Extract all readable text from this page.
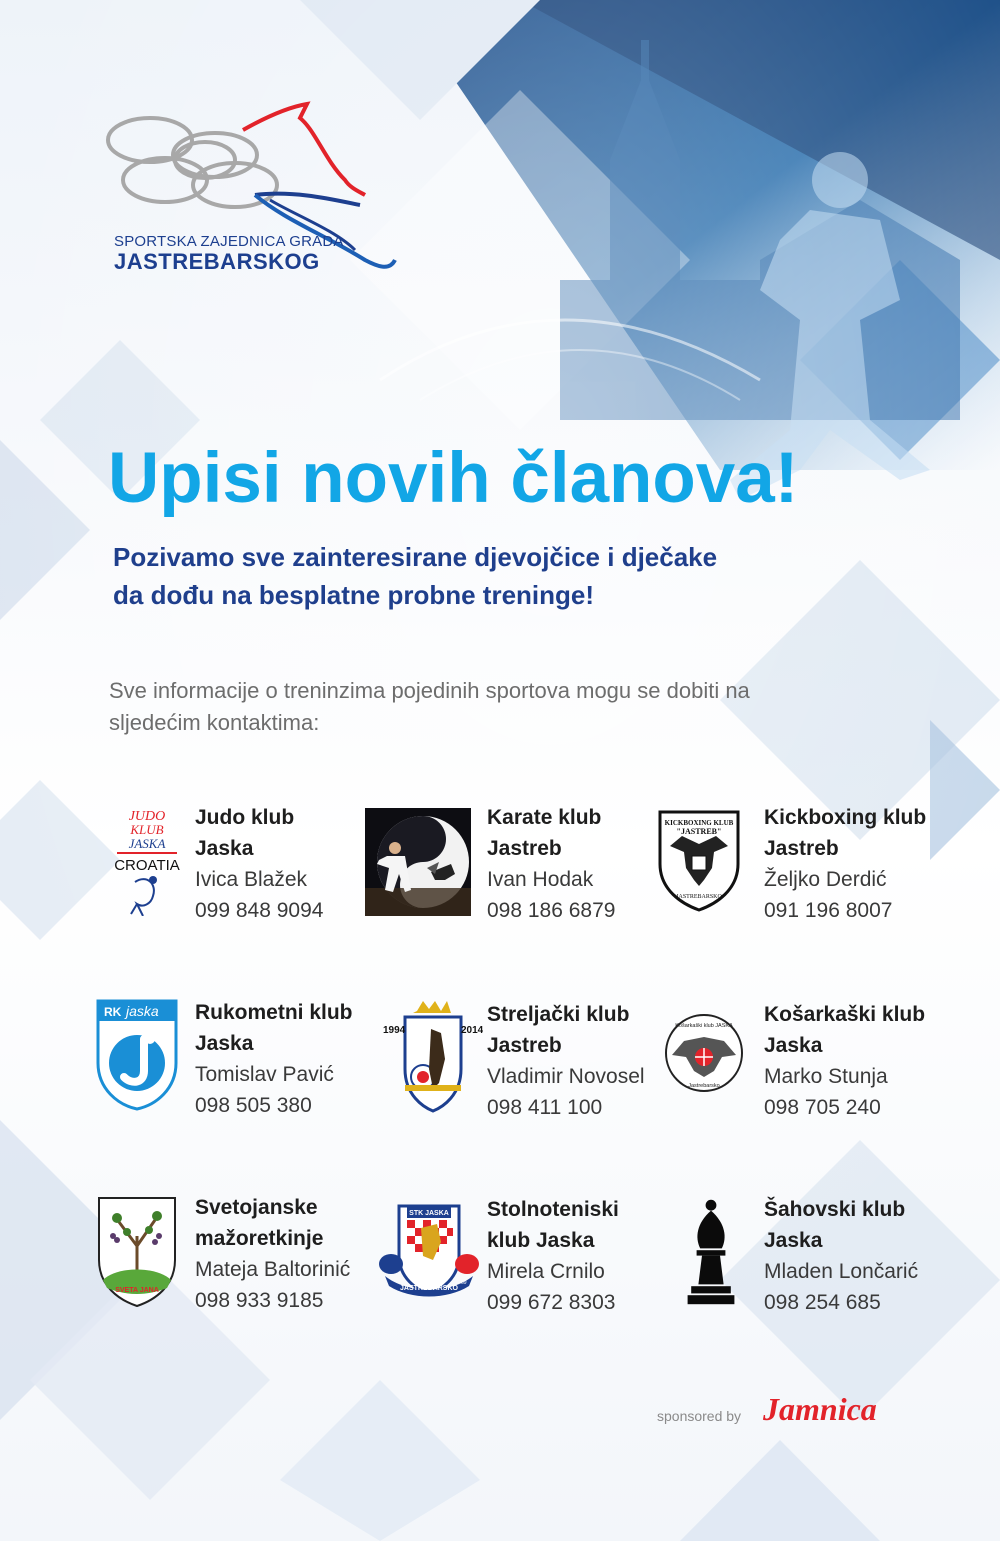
SPORTSKA ZAJEDNICA GRADA
JASTREBARSKOG
Upisi novih članova!
Pozivamo sve zainteresirane djevojčice i dječake
da dođu na besplatne probne treninge!
Sve informacije o treninzima pojedinih sportova mogu se dobiti na
sljedećim kontaktima:
JUDO
KLUB
JASKA
CROATIA
Judo klub
Jaska
Ivica Blažek
099 848 9094
Karate klub
Jastreb
Ivan Hodak
098 186 6879
KICKBOXING KLUB
"JASTREB"
JASTREBARSKO
Kickboxing klub
Jastreb
Željko Derdić
091 196 8007
RK jaska Rukometni klub
Jaska
Tomislav Pavić
098 505 380
1994	2014
Streljački klub
Jastreb
Vladimir Novosel
098 411 100
Košarkaški klub JASKA
Jastrebarsko
Košarkaški klub
Jaska
Marko Stunja
098 705 240
SVETA JANA
Svetojanske
mažoretkinje
Mateja Baltorinić
098 933 9185
STK JASKA
JASTREBARSKO
69
Stolnoteniski
klub Jaska
Mirela Crnilo
099 672 8303
Šahovski klub
Jaska
Mladen Lončarić
098 254 685
sponsored by Jamnica
